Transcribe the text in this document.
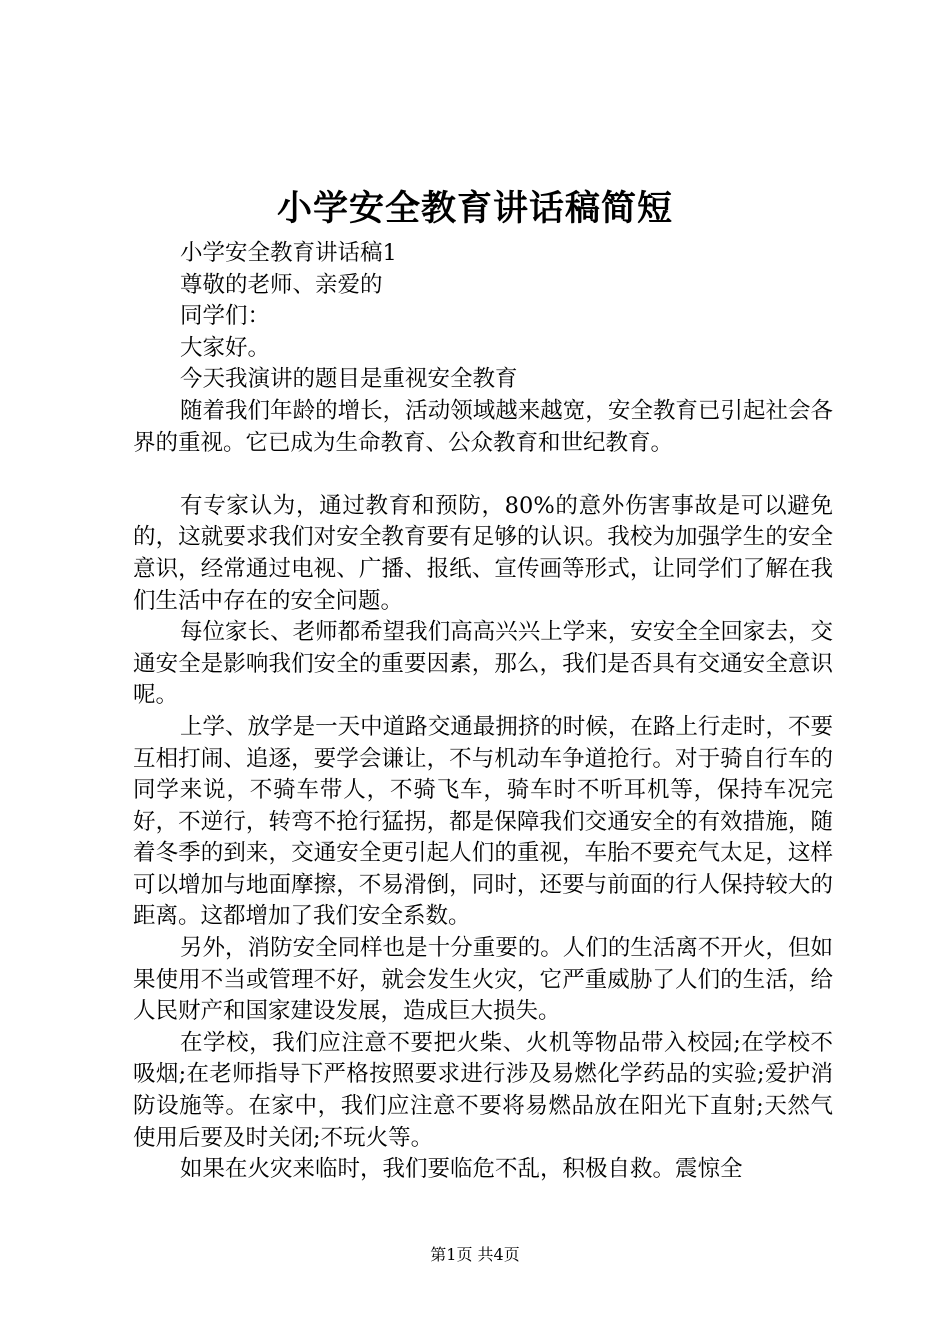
小学安全教育讲话稿简短
小学安全教育讲话稿1
尊敬的老师、亲爱的
同学们：
大家好。
今天我演讲的题目是重视安全教育

随着我们年龄的增长，活动领域越来越宽，安全教育已引起社会各界的重视。它已成为生命教育、公众教育和世纪教育。

有专家认为，通过教育和预防，80%的意外伤害事故是可以避免的，这就要求我们对安全教育要有足够的认识。我校为加强学生的安全意识，经常通过电视、广播、报纸、宣传画等形式，让同学们了解在我们生活中存在的安全问题。

每位家长、老师都希望我们高高兴兴上学来，安安全全回家去，交通安全是影响我们安全的重要因素，那么，我们是否具有交通安全意识呢。

上学、放学是一天中道路交通最拥挤的时候，在路上行走时，不要互相打闹、追逐，要学会谦让，不与机动车争道抢行。对于骑自行车的同学来说，不骑车带人，不骑飞车，骑车时不听耳机等，保持车况完好，不逆行，转弯不抢行猛拐，都是保障我们交通安全的有效措施，随着冬季的到来，交通安全更引起人们的重视，车胎不要充气太足，这样可以增加与地面摩擦，不易滑倒，同时，还要与前面的行人保持较大的距离。这都增加了我们安全系数。

另外，消防安全同样也是十分重要的。人们的生活离不开火，但如果使用不当或管理不好，就会发生火灾，它严重威胁了人们的生活，给人民财产和国家建设发展，造成巨大损失。

在学校，我们应注意不要把火柴、火机等物品带入校园;在学校不吸烟;在老师指导下严格按照要求进行涉及易燃化学药品的实验;爱护消防设施等。在家中，我们应注意不要将易燃品放在阳光下直射;天然气使用后要及时关闭;不玩火等。

如果在火灾来临时，我们要临危不乱，积极自救。震惊全

第1页 共4页
